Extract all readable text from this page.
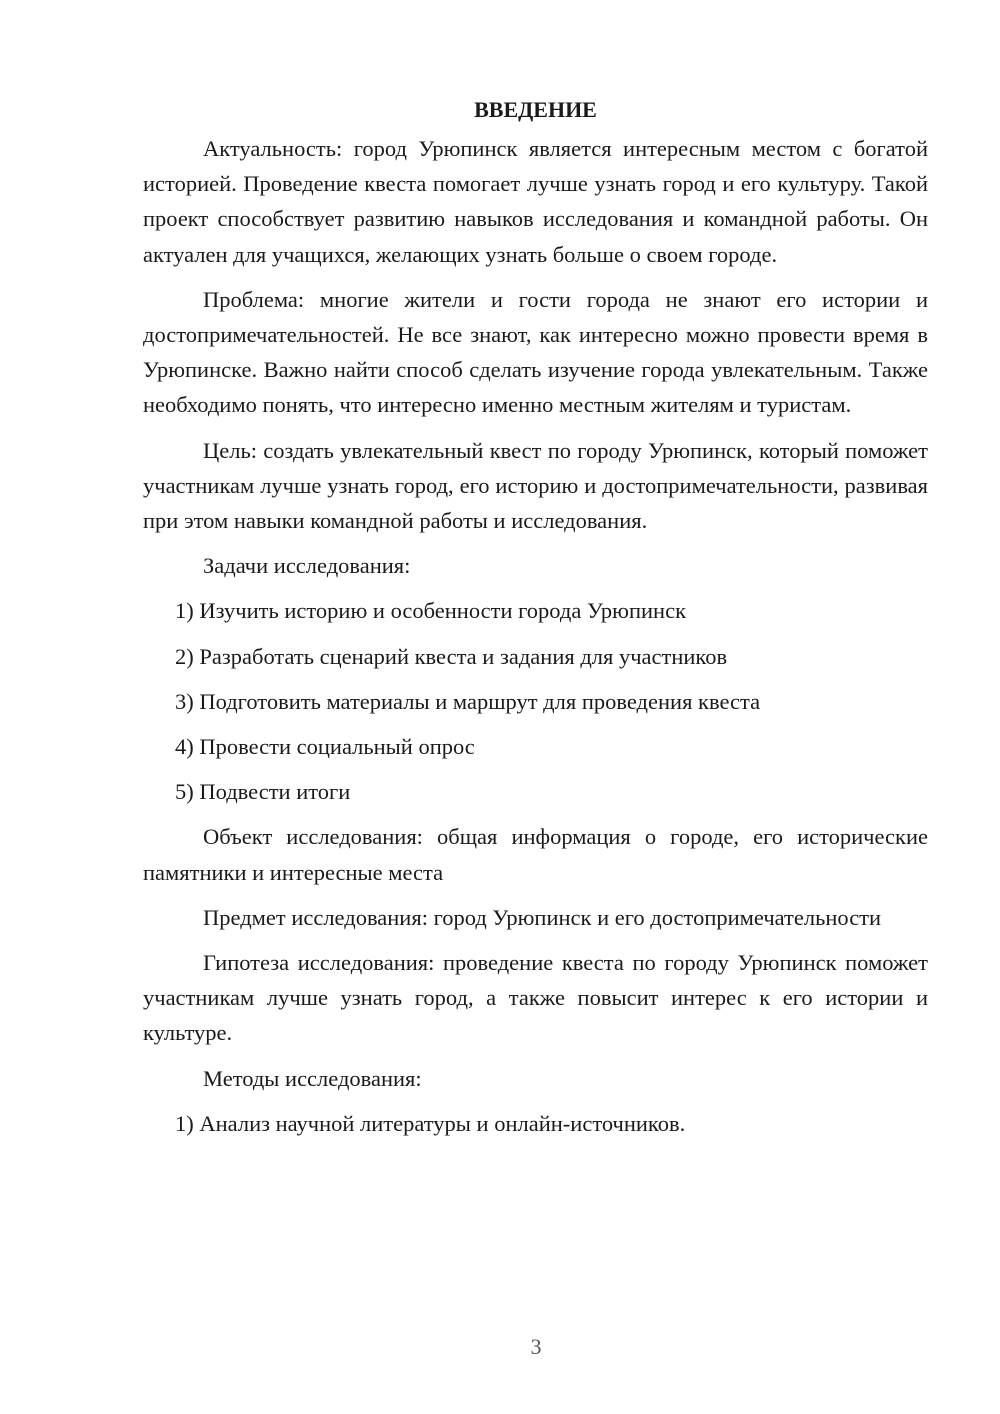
ВВЕДЕНИЕ

Актуальность: город Урюпинск является интересным местом с богатой историей. Проведение квеста помогает лучше узнать город и его культуру. Такой проект способствует развитию навыков исследования и командной работы. Он актуален для учащихся, желающих узнать больше о своем городе.

Проблема: многие жители и гости города не знают его истории и достопримечательностей. Не все знают, как интересно можно провести время в Урюпинске. Важно найти способ сделать изучение города увлекательным. Также необходимо понять, что интересно именно местным жителям и туристам.

Цель: создать увлекательный квест по городу Урюпинск, который поможет участникам лучше узнать город, его историю и достопримечательности, развивая при этом навыки командной работы и исследования.

Задачи исследования:

1) Изучить историю и особенности города Урюпинск

2) Разработать сценарий квеста и задания для участников

3) Подготовить материалы и маршрут для проведения квеста

4) Провести социальный опрос

5) Подвести итоги

Объект исследования: общая информация о городе, его исторические памятники и интересные места

Предмет исследования: город Урюпинск и его достопримечательности

Гипотеза исследования: проведение квеста по городу Урюпинск поможет участникам лучше узнать город, а также повысит интерес к его истории и культуре.

Методы исследования:

1) Анализ научной литературы и онлайн-источников.

3
